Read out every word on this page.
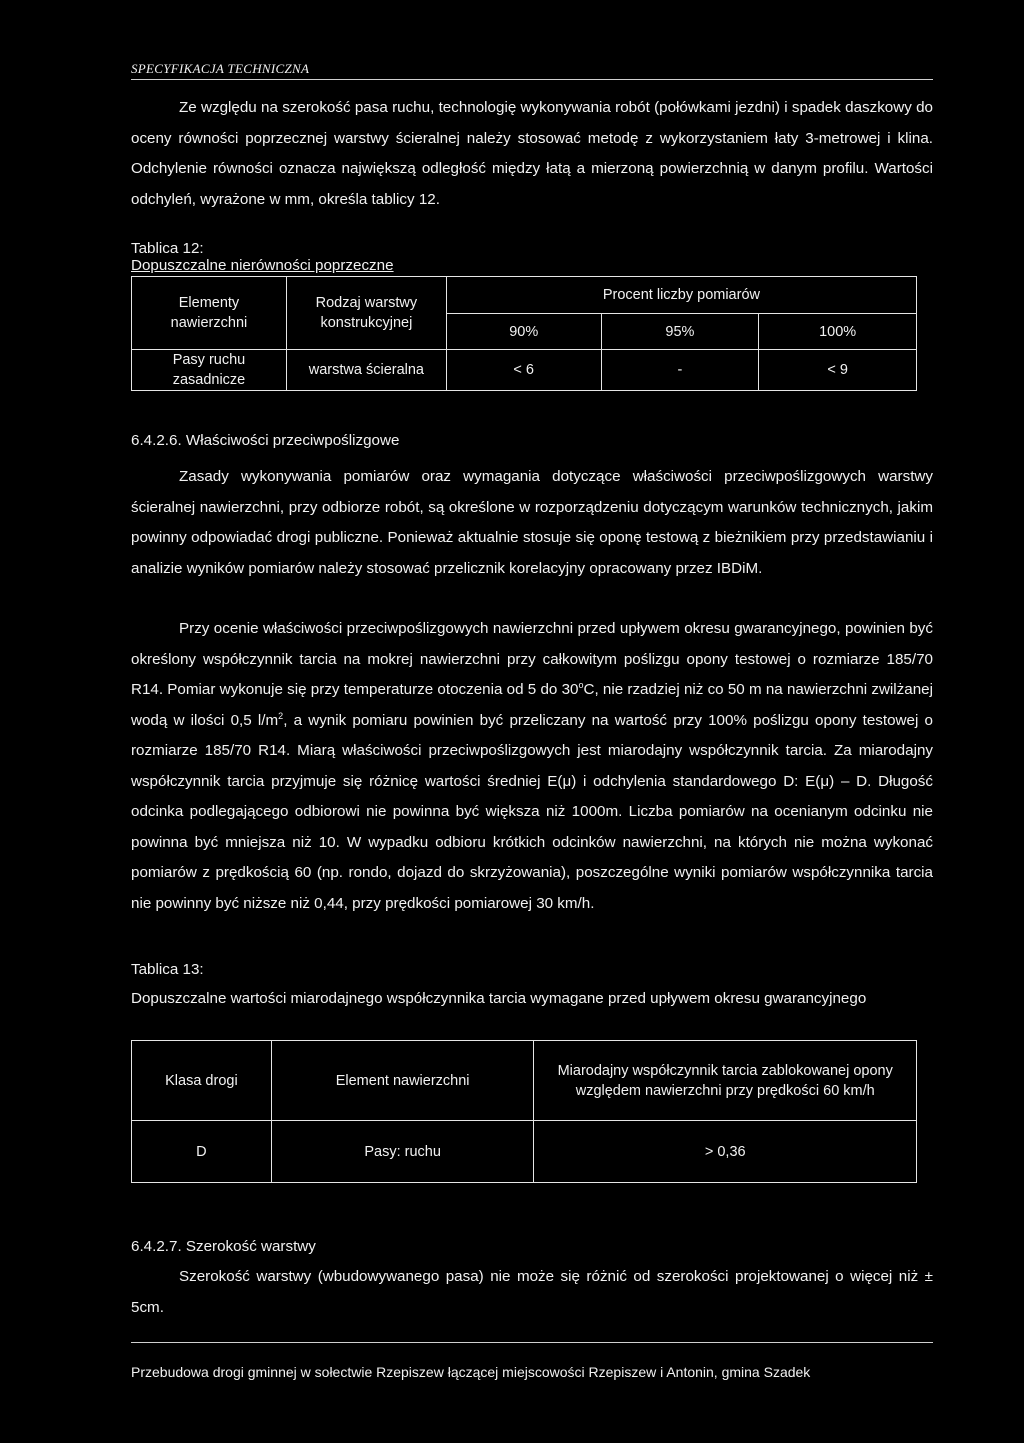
SPECYFIKACJA TECHNICZNA

Ze względu na szerokość pasa ruchu, technologię wykonywania robót (połówkami jezdni) i spadek daszkowy do oceny równości poprzecznej warstwy ścieralnej należy stosować metodę z wykorzystaniem łaty 3-metrowej i klina. Odchylenie równości oznacza największą odległość między łatą a mierzoną powierzchnią w danym profilu. Wartości odchyleń, wyrażone w mm, określa tablicy 12.

Tablica 12:
Dopuszczalne nierówności poprzeczne
Elementy nawierzchni	Rodzaj warstwy konstrukcyjnej	Procent liczby pomiarów		
		90%	95%	100%
Pasy ruchu zasadnicze	warstwa ścieralna	< 6	-	< 9
6.4.2.6. Właściwości przeciwpoślizgowe

Zasady wykonywania pomiarów oraz wymagania dotyczące właściwości przeciwpoślizgowych warstwy ścieralnej nawierzchni, przy odbiorze robót, są określone w rozporządzeniu dotyczącym warunków technicznych, jakim powinny odpowiadać drogi publiczne. Ponieważ aktualnie stosuje się oponę testową z bieżnikiem przy przedstawianiu i analizie wyników pomiarów należy stosować przelicznik korelacyjny opracowany przez IBDiM.

Przy ocenie właściwości przeciwpoślizgowych nawierzchni przed upływem okresu gwarancyjnego, powinien być określony współczynnik tarcia na mokrej nawierzchni przy całkowitym poślizgu opony testowej o rozmiarze 185/70 R14. Pomiar wykonuje się przy temperaturze otoczenia od 5 do 30$^o$C, nie rzadziej niż co 50 m na nawierzchni zwilżanej wodą w ilości 0,5 $l/m^2$, a wynik pomiaru powinien być przeliczany na wartość przy 100% poślizgu opony testowej o rozmiarze 185/70 R14. Miarą właściwości przeciwpoślizgowych jest miarodajny współczynnik tarcia. Za miarodajny współczynnik tarcia przyjmuje się różnicę wartości średniej E(μ) i odchylenia standardowego D: E(μ) – D. Długość odcinka podlegającego odbiorowi nie powinna być większa niż 1000m. Liczba pomiarów na ocenianym odcinku nie powinna być mniejsza niż 10. W wypadku odbioru krótkich odcinków nawierzchni, na których nie można wykonać pomiarów z prędkością 60 (np. rondo, dojazd do skrzyżowania), poszczególne wyniki pomiarów współczynnika tarcia nie powinny być niższe niż 0,44, przy prędkości pomiarowej 30 km/h.

Tablica 13:
Dopuszczalne wartości miarodajnego współczynnika tarcia wymagane przed upływem okresu gwarancyjnego
Klasa drogi	Element nawierzchni	Miarodajny współczynnik tarcia zablokowanej opony względem nawierzchni przy prędkości 60 km/h
D	Pasy: ruchu	> 0,36
6.4.2.7. Szerokość warstwy

Szerokość warstwy (wbudowywanego pasa) nie może się różnić od szerokości projektowanej o więcej niż ± 5cm.

Przebudowa drogi gminnej w sołectwie Rzepiszew łączącej miejscowości Rzepiszew i Antonin, gmina Szadek
